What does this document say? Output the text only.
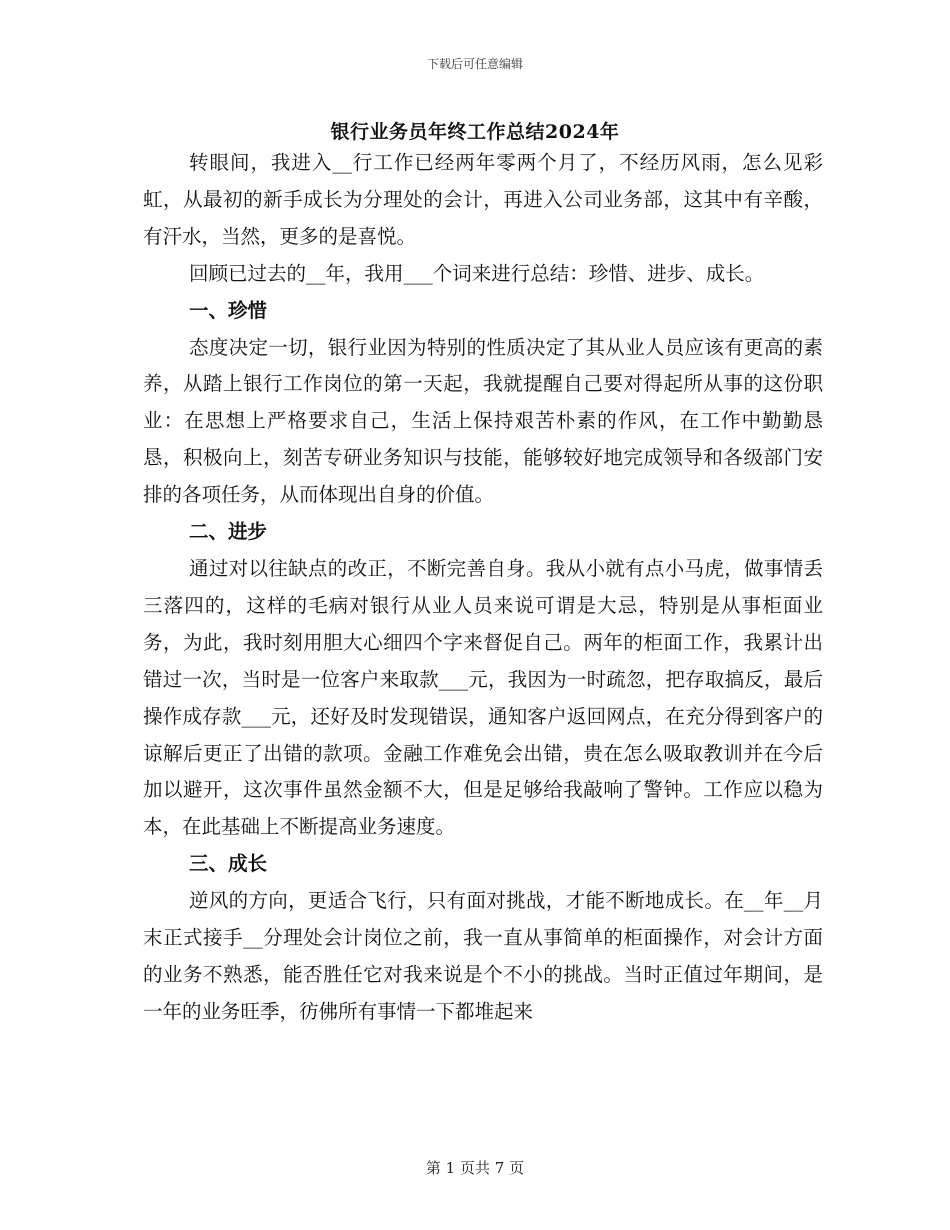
下载后可任意编辑
银行业务员年终工作总结2024年

转眼间，我进入__行工作已经两年零两个月了，不经历风雨，怎么见彩虹，从最初的新手成长为分理处的会计，再进入公司业务部，这其中有辛酸，有汗水，当然，更多的是喜悦。

回顾已过去的__年，我用___个词来进行总结：珍惜、进步、成长。

一、珍惜

态度决定一切，银行业因为特别的性质决定了其从业人员应该有更高的素养，从踏上银行工作岗位的第一天起，我就提醒自己要对得起所从事的这份职业：在思想上严格要求自己，生活上保持艰苦朴素的作风，在工作中勤勤恳恳，积极向上，刻苦专研业务知识与技能，能够较好地完成领导和各级部门安排的各项任务，从而体现出自身的价值。

二、进步

通过对以往缺点的改正，不断完善自身。我从小就有点小马虎，做事情丢三落四的，这样的毛病对银行从业人员来说可谓是大忌，特别是从事柜面业务，为此，我时刻用胆大心细四个字来督促自己。两年的柜面工作，我累计出错过一次，当时是一位客户来取款___元，我因为一时疏忽，把存取搞反，最后操作成存款___元，还好及时发现错误，通知客户返回网点，在充分得到客户的谅解后更正了出错的款项。金融工作难免会出错，贵在怎么吸取教训并在今后加以避开，这次事件虽然金额不大，但是足够给我敲响了警钟。工作应以稳为本，在此基础上不断提高业务速度。

三、成长

逆风的方向，更适合飞行，只有面对挑战，才能不断地成长。在__年__月末正式接手__分理处会计岗位之前，我一直从事简单的柜面操作，对会计方面的业务不熟悉，能否胜任它对我来说是个不小的挑战。当时正值过年期间，是一年的业务旺季，彷佛所有事情一下都堆起来

第 1 页共 7 页
